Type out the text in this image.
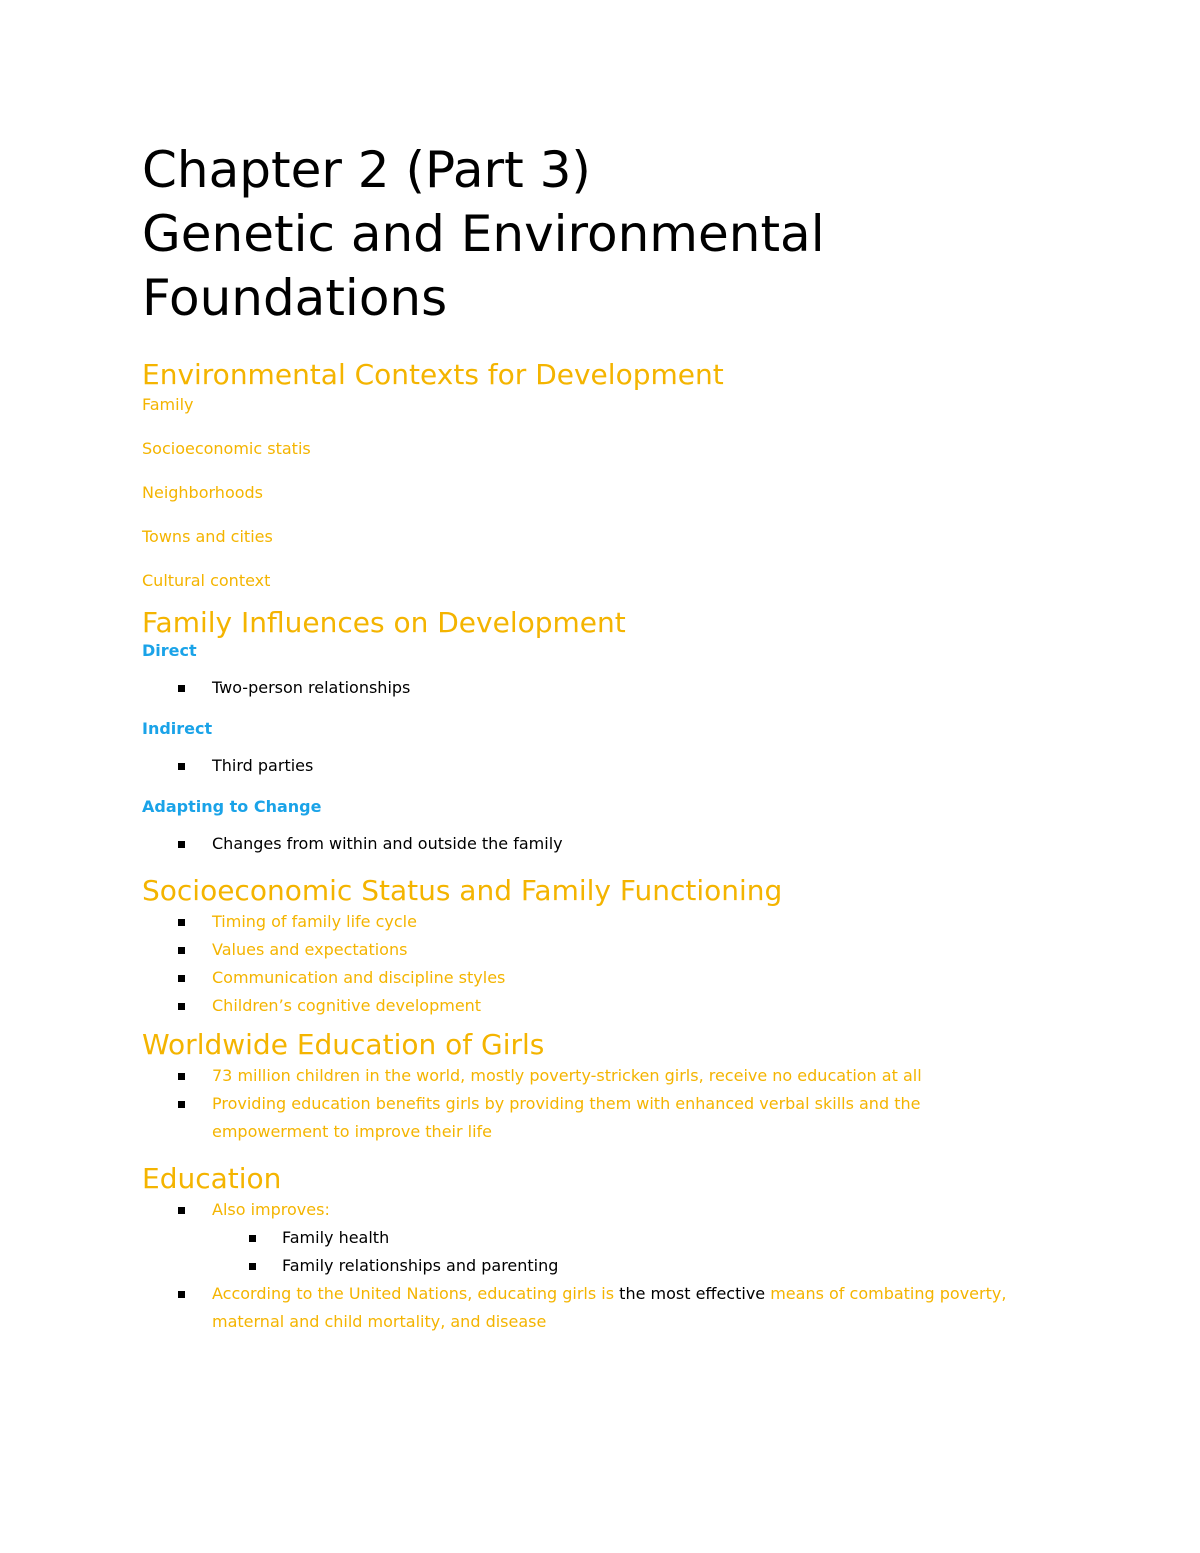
Chapter 2 (Part 3)
Genetic and Environmental
Foundations
Environmental Contexts for Development
Family
Socioeconomic statis
Neighborhoods
Towns and cities
Cultural context
Family Influences on Development
Direct
Two-person relationships
Indirect
Third parties
Adapting to Change
Changes from within and outside the family
Socioeconomic Status and Family Functioning
Timing of family life cycle
Values and expectations
Communication and discipline styles
Children’s cognitive development
Worldwide Education of Girls
73 million children in the world, mostly poverty-stricken girls, receive no education at all
Providing education benefits girls by providing them with enhanced verbal skills and the empowerment to improve their life
Education
Also improves:
Family health
Family relationships and parenting
According to the United Nations, educating girls is the most effective means of combating poverty, maternal and child mortality, and disease
